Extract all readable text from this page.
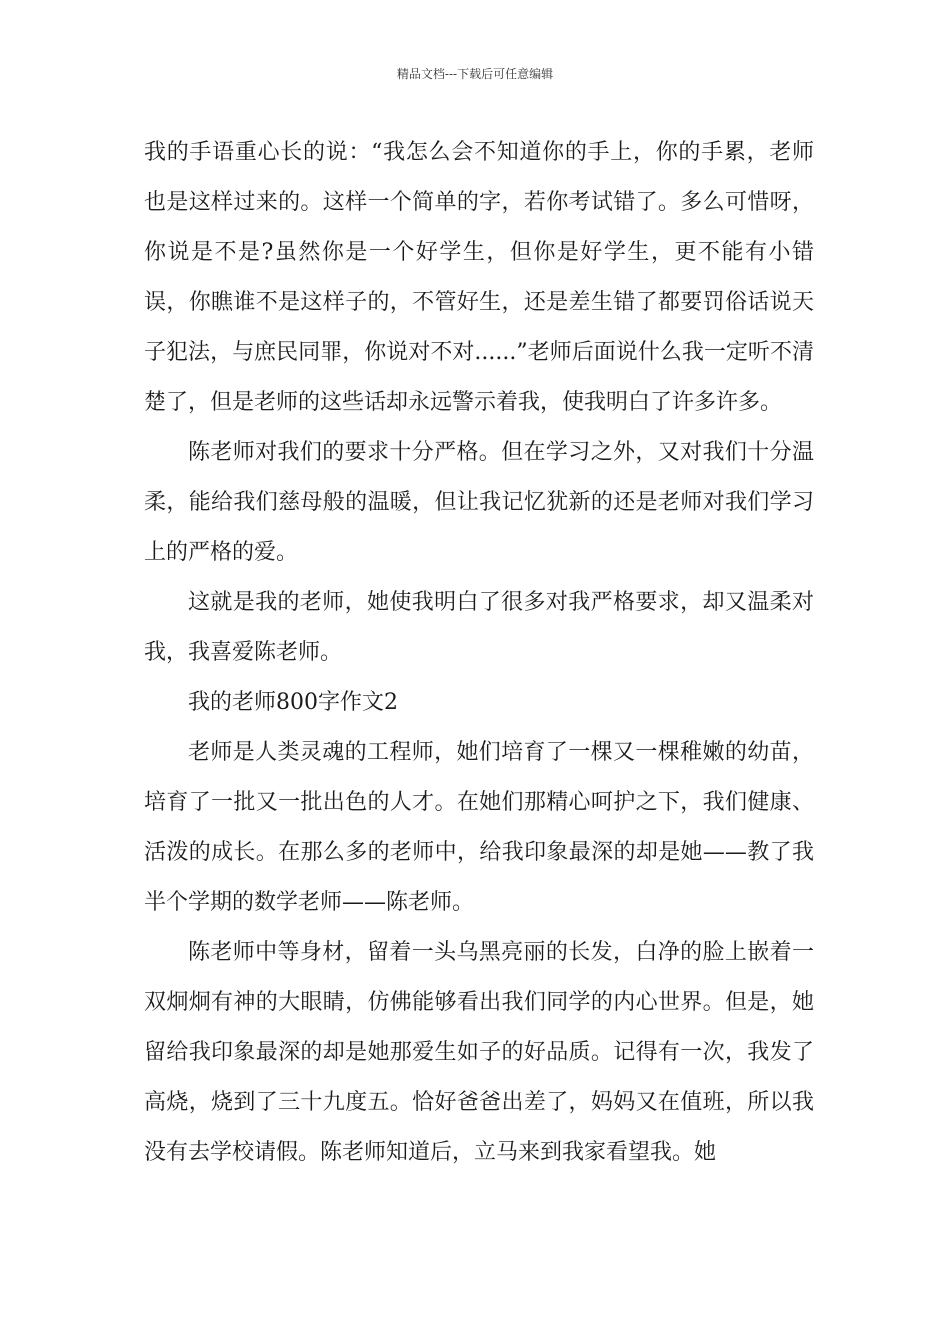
精品文档---下载后可任意编辑

我的手语重心长的说：“我怎么会不知道你的手上，你的手累，老师也是这样过来的。这样一个简单的字，若你考试错了。多么可惜呀，你说是不是?虽然你是一个好学生，但你是好学生，更不能有小错误，你瞧谁不是这样子的，不管好生，还是差生错了都要罚俗话说天子犯法，与庶民同罪，你说对不对......”老师后面说什么我一定听不清楚了，但是老师的这些话却永远警示着我，使我明白了许多许多。

陈老师对我们的要求十分严格。但在学习之外，又对我们十分温柔，能给我们慈母般的温暖，但让我记忆犹新的还是老师对我们学习上的严格的爱。

这就是我的老师，她使我明白了很多对我严格要求，却又温柔对我，我喜爱陈老师。

我的老师800字作文2

老师是人类灵魂的工程师，她们培育了一棵又一棵稚嫩的幼苗，培育了一批又一批出色的人才。在她们那精心呵护之下，我们健康、活泼的成长。在那么多的老师中，给我印象最深的却是她——教了我半个学期的数学老师——陈老师。

陈老师中等身材，留着一头乌黑亮丽的长发，白净的脸上嵌着一双炯炯有神的大眼睛，仿佛能够看出我们同学的内心世界。但是，她留给我印象最深的却是她那爱生如子的好品质。记得有一次，我发了高烧，烧到了三十九度五。恰好爸爸出差了，妈妈又在值班，所以我没有去学校请假。陈老师知道后，立马来到我家看望我。她
